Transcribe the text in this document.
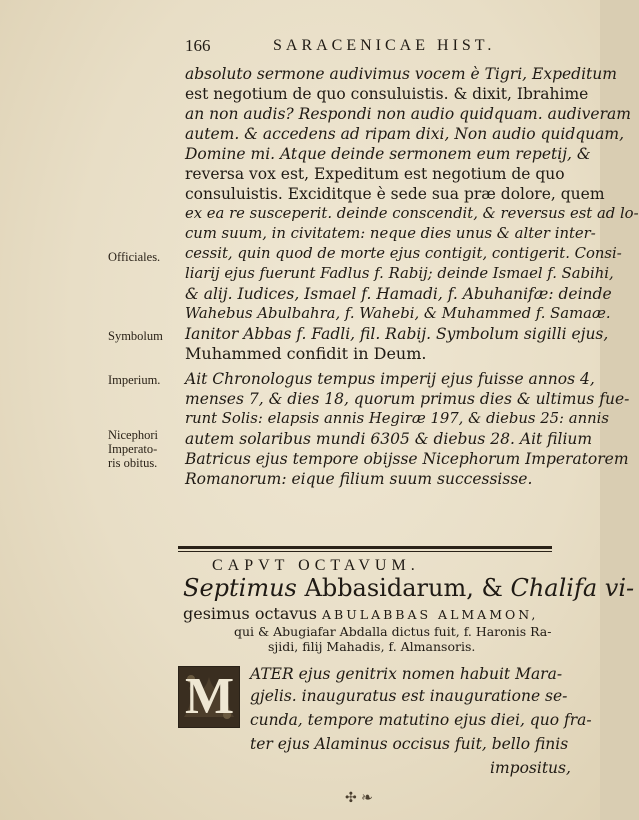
166	SARACENICAE HIST.
absoluto sermone audivimus vocem è Tigri, Expeditum
est negotium de quo consuluistis. & dixit, Ibrahime
an non audis? Respondi non audio quidquam. audiveram
autem. & accedens ad ripam dixi, Non audio quidquam,
Domine mi. Atque deinde sermonem eum repetij, &
reversa vox est, Expeditum est negotium de quo
consuluistis. Exciditque è sede sua præ dolore, quem
ex ea re susceperit. deinde conscendit, & reversus est ad lo-
cum suum, in civitatem: neque dies unus & alter inter-
cessit, quin quod de morte ejus contigit, contigerit. Consi-
liarij ejus fuerunt Fadlus f. Rabij; deinde Ismael f. Sabihi,
& alij. Iudices, Ismael f. Hamadi, f. Abuhanifæ: deinde
Wahebus Abulbahra, f. Wahebi, & Muhammed f. Samaæ.
Ianitor Abbas f. Fadli, fil. Rabij. Symbolum sigilli ejus,
Muhammed confidit in Deum.
Ait Chronologus tempus imperij ejus fuisse annos 4,
menses 7, & dies 18, quorum primus dies & ultimus fue-
runt Solis: elapsis annis Hegiræ 197, & diebus 25: annis
autem solaribus mundi 6305 & diebus 28. Ait filium
Batricus ejus tempore obijsse Nicephorum Imperatorem
Romanorum: eique filium suum successisse.
Officiales.
Symbolum
Imperium.
Nicephori
Imperato-
ris obitus.
CAPVT OCTAVUM.
Septimus Abbasidarum, & Chalifa vi-
gesimus octavus ABULABBAS ALMAMON,
qui & Abugiafar Abdalla dictus fuit, f. Haronis Ra-
sjidi, filij Mahadis, f. Almansoris.
M ATER ejus genitrix nomen habuit Mara-
gjelis. inauguratus est inauguratione se-
cunda, tempore matutino ejus diei, quo fra-
ter ejus Alaminus occisus fuit, bello finis
impositus,
✣ ❧
